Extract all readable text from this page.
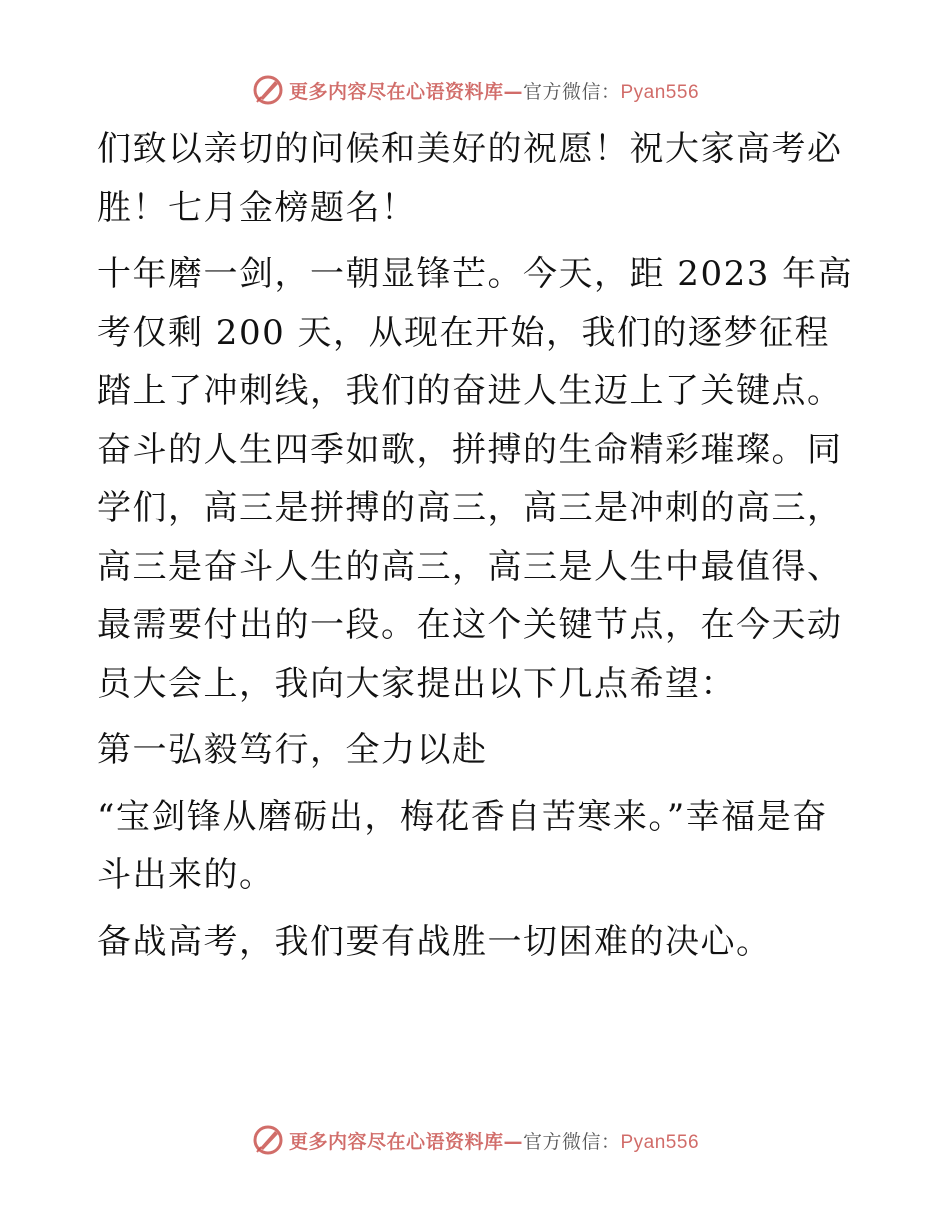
更多内容尽在心语资料库—官方微信：Pyan556

们致以亲切的问候和美好的祝愿！祝大家高考必胜！七月金榜题名！

十年磨一剑，一朝显锋芒。今天，距 2023 年高考仅剩 200 天，从现在开始，我们的逐梦征程踏上了冲刺线，我们的奋进人生迈上了关键点。奋斗的人生四季如歌，拼搏的生命精彩璀璨。同学们，高三是拼搏的高三，高三是冲刺的高三，高三是奋斗人生的高三，高三是人生中最值得、最需要付出的一段。在这个关键节点，在今天动员大会上，我向大家提出以下几点希望：

第一弘毅笃行，全力以赴

“宝剑锋从磨砺出，梅花香自苦寒来。”幸福是奋斗出来的。

备战高考，我们要有战胜一切困难的决心。

更多内容尽在心语资料库—官方微信：Pyan556
